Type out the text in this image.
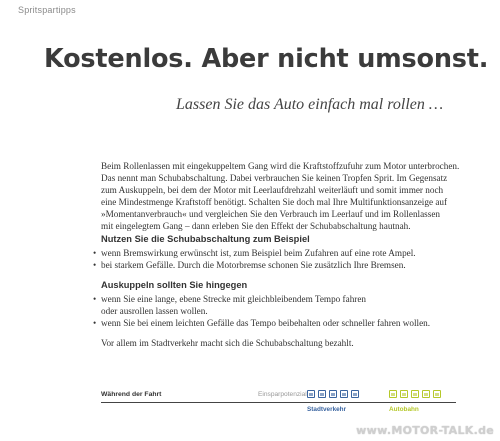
Spritspartipps
Kostenlos. Aber nicht umsonst.
Lassen Sie das Auto einfach mal rollen …

Beim Rollenlassen mit eingekuppeltem Gang wird die Kraftstoffzufuhr zum Motor unterbrochen.
Das nennt man Schubabschaltung. Dabei verbrauchen Sie keinen Tropfen Sprit. Im Gegensatz
zum Auskuppeln, bei dem der Motor mit Leerlaufdrehzahl weiterläuft und somit immer noch
eine Mindestmenge Kraftstoff benötigt. Schalten Sie doch mal Ihre Multifunktionsanzeige auf
»Momentanverbrauch« und vergleichen Sie den Verbrauch im Leerlauf und im Rollenlassen
mit eingelegtem Gang – dann erleben Sie den Effekt der Schubabschaltung hautnah.

Nutzen Sie die Schubabschaltung zum Beispiel
• wenn Bremswirkung erwünscht ist, zum Beispiel beim Zufahren auf eine rote Ampel.
• bei starkem Gefälle. Durch die Motorbremse schonen Sie zusätzlich Ihre Bremsen.
Auskuppeln sollten Sie hingegen
• wenn Sie eine lange, ebene Strecke mit gleichbleibendem Tempo fahren
oder ausrollen lassen wollen.
• wenn Sie bei einem leichten Gefälle das Tempo beibehalten oder schneller fahren wollen.

Vor allem im Stadtverkehr macht sich die Schubabschaltung bezahlt.

Während der Fahrt	Einsparpotenzial
Stadtverkehr	Autobahn
www.MOTOR-TALK.de
